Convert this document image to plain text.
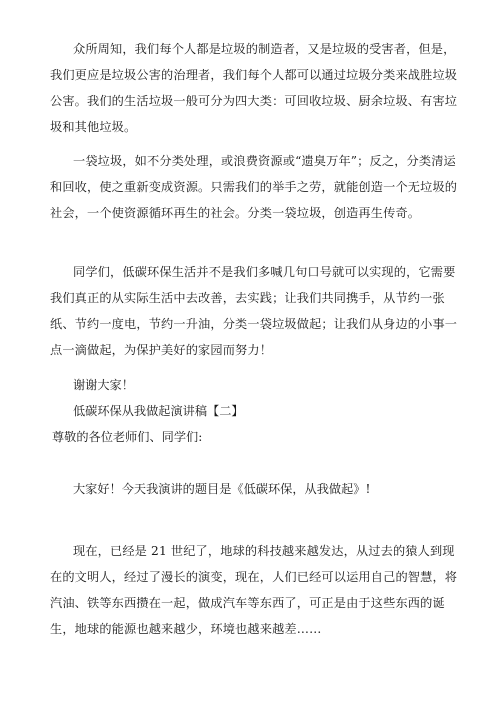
众所周知，我们每个人都是垃圾的制造者，又是垃圾的受害者，但是，我们更应是垃圾公害的治理者，我们每个人都可以通过垃圾分类来战胜垃圾公害。我们的生活垃圾一般可分为四大类：可回收垃圾、厨余垃圾、有害垃圾和其他垃圾。

一袋垃圾，如不分类处理，或浪费资源或“遗臭万年”；反之，分类清运和回收，使之重新变成资源。只需我们的举手之劳，就能创造一个无垃圾的社会，一个使资源循环再生的社会。分类一袋垃圾，创造再生传奇。

同学们，低碳环保生活并不是我们多喊几句口号就可以实现的，它需要我们真正的从实际生活中去改善，去实践；让我们共同携手，从节约一张纸、节约一度电，节约一升油，分类一袋垃圾做起；让我们从身边的小事一点一滴做起，为保护美好的家园而努力！

谢谢大家！

低碳环保从我做起演讲稿【二】

尊敬的各位老师们、同学们:

大家好！今天我演讲的题目是《低碳环保，从我做起》!

现在，已经是 21 世纪了，地球的科技越来越发达，从过去的猿人到现在的文明人，经过了漫长的演变，现在，人们已经可以运用自己的智慧，将汽油、铁等东西攒在一起，做成汽车等东西了，可正是由于这些东西的诞生，地球的能源也越来越少，环境也越来越差……
